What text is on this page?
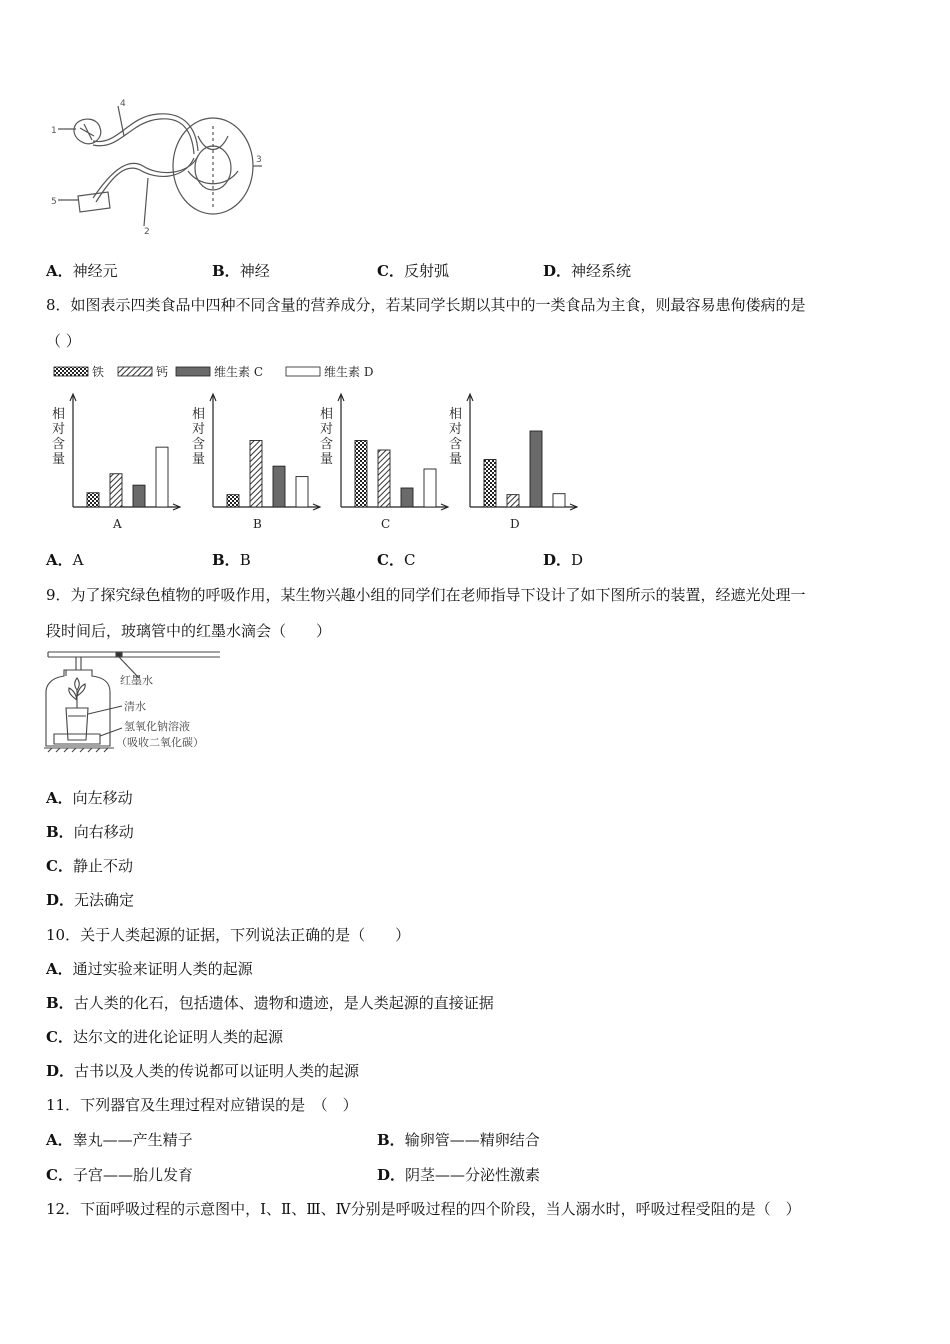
1
4
5
2
3
A．神经元	B．神经	C．反射弧	D．神经系统
8．如图表示四类食品中四种不同含量的营养成分，若某同学长期以其中的一类食品为主食，则最容易患佝偻病的是
（ ）
铁	钙	维生素 C	维生素 D
相对含量
A
相对含量
B
相对含量
C
相对含量
D
A．A	B．B	C．C	D．D
9．为了探究绿色植物的呼吸作用，某生物兴趣小组的同学们在老师指导下设计了如下图所示的装置，经遮光处理一
段时间后，玻璃管中的红墨水滴会（　　）
红墨水
清水
氢氧化钠溶液
（吸收二氧化碳）
A．向左移动
B．向右移动
C．静止不动
D．无法确定
10．关于人类起源的证据，下列说法正确的是（　　）
A．通过实验来证明人类的起源
B．古人类的化石，包括遗体、遗物和遗迹，是人类起源的直接证据
C．达尔文的进化论证明人类的起源
D．古书以及人类的传说都可以证明人类的起源
11．下列器官及生理过程对应错误的是　（　）
A．睾丸——产生精子	B．输卵管——精卵结合
C．子宫——胎儿发育	D．阴茎——分泌性激素
12．下面呼吸过程的示意图中，Ⅰ、Ⅱ、Ⅲ、Ⅳ分别是呼吸过程的四个阶段，当人溺水时，呼吸过程受阻的是（　）
